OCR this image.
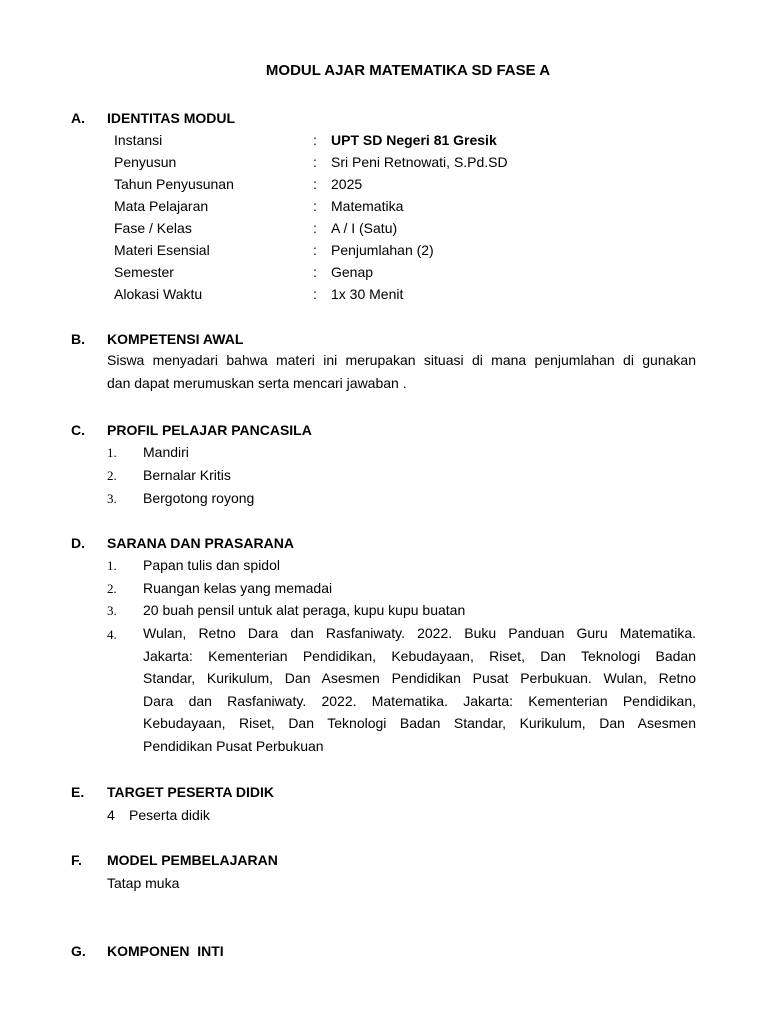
MODUL AJAR MATEMATIKA SD FASE A
A. IDENTITAS MODUL
Instansi	: UPT SD Negeri 81 Gresik
Penyusun	: Sri Peni Retnowati, S.Pd.SD
Tahun Penyusunan	: 2025
Mata Pelajaran	: Matematika
Fase / Kelas	: A / I (Satu)
Materi Esensial	: Penjumlahan (2)
Semester	: Genap
Alokasi Waktu	: 1x 30 Menit
B. KOMPETENSI AWAL
Siswa menyadari bahwa materi ini merupakan situasi di mana penjumlahan di gunakan
dan dapat merumuskan serta mencari jawaban .
C. PROFIL PELAJAR PANCASILA
1. Mandiri
2. Bernalar Kritis
3. Bergotong royong
D. SARANA DAN PRASARANA
1. Papan tulis dan spidol
2. Ruangan kelas yang memadai
3. 20 buah pensil untuk alat peraga, kupu kupu buatan
4. Wulan, Retno Dara dan Rasfaniwaty. 2022. Buku Panduan Guru Matematika.
Jakarta: Kementerian Pendidikan, Kebudayaan, Riset, Dan Teknologi Badan
Standar, Kurikulum, Dan Asesmen Pendidikan Pusat Perbukuan. Wulan, Retno
Dara dan Rasfaniwaty. 2022. Matematika. Jakarta: Kementerian Pendidikan,
Kebudayaan, Riset, Dan Teknologi Badan Standar, Kurikulum, Dan Asesmen
Pendidikan Pusat Perbukuan
E. TARGET PESERTA DIDIK
4 Peserta didik
F. MODEL PEMBELAJARAN
Tatap muka
G. KOMPONEN  INTI
